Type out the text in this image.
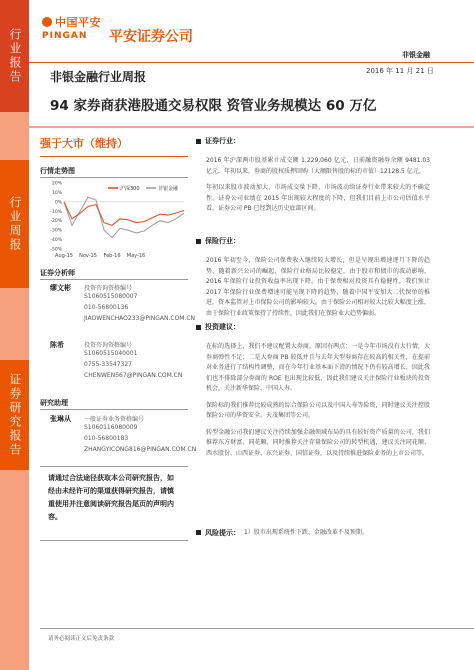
行业报告
行业周报
证券研究报告
中国平安
PINGAN	平安证券公司
非银金融
非银金融行业周报	2016 年 11 月 21 日
94 家券商获港股通交易权限 资管业务规模达 60 万亿
强于大市（维持）
行情走势图
20%
10%
0%
-10%
-20%
-30%
-40%
-50%
Aug-15 Nov-15 Feb-16 May-16
沪深300	非银金融
证券分析师
缪文彬 投资咨询资格编号
S1060515080007
010-56800136
JIAOWENCHAO233@PINGAN.COM.CN
陈希	投资咨询资格编号
S1060515040001
0755-33547327
CHENWEN567@PINGAN.COM.CN
研究助理
张琳从 一般证券业务资格编号
S1060116080009
010-56800183
ZHANGYICONG816@PINGAN.COM.CN
请通过合法途径获取本公司研究报告，如经由未经许可的渠道获得研究报告，请慎重使用并注意阅读研究报告尾页的声明内容。
证券行业：
2016 年沪深两市股基累计成交额 1,229,060 亿元，日前融资融券余额 9481.03 亿元，年初以来，券商的股权质押回购（大额限售股的标的市值）12128.5 亿元。
年初以来股市波动加大，市场成交量下降，市场波动给证券行业带来较大的不确定性。证券公司业绩在 2015 年出现较大程度的下降，但我们目前上市公司估值水平看，证券公司 PB 已经到达历史底部区间。
保险行业：
2016 年初至今，保险公司保费收入继续较大增长，但是呈现出增速逐月下降的趋势，随着新兴公司的崛起，保险行业格局比较稳定，由于股市和债市的波动影响，2016 年保险行业投资收益率出现下降。由于保费相对投资具有稳健性，我们预计 2017 年保险行业保费增速可能呈现下降的趋势，随着中国平安加大二代保单的推进，资本监管对上市保险公司的影响较大。由于保险公司相对较大比较大幅度上涨，由于保险行业政策保持了持续性，因此我们在保险业大趋势偏弱。
投资建议：
在标的选择上，我们不建议配置大券商，原因有两点：一是今年市场没有大行情，大券商弹性不足；二是大券商 PB 较低并且与去年大型券商存在较高的相关性，在提前对业务进行了结构性调整，而在今年行业基本面下滑的情况下仍有较高增长，因此我们也不排除部分券商的 ROE 也出现比较低，因此我们建议关注保险行业板块的投资机会，关注新华保险、中国人寿。
保险标的我们推荐比较成熟的综合保险公司以及中国人寿等险资，同时建议关注控股保险公司的华资安全、天茂集团等公司。
转型金融公司我们建议关注持续加强金融领域布局的具有较好资产质量的公司，我们推荐东方财富、同花顺、同时推荐关注存量保险公司的转型机遇，建议关注同花顺、西水股份、山西证券、东兴证券、国信证券，以及持续推进保险业务的上市公司等。
风险提示： 1）股市出现系统性下跌、金融改革不及预期。
请务必阅读正文后免责条款
